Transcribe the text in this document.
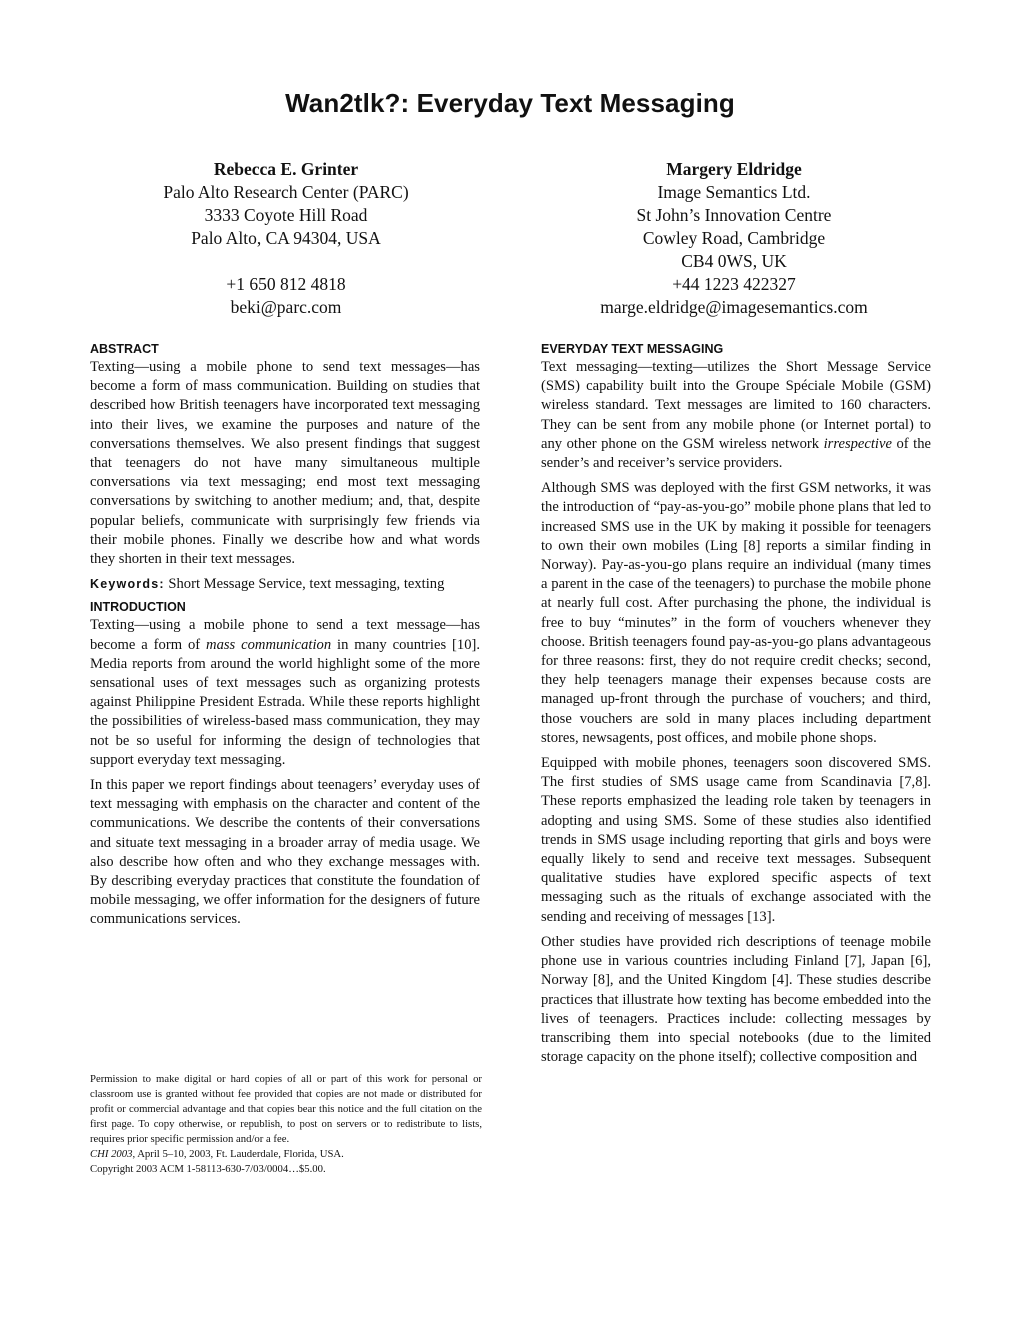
Wan2tlk?: Everyday Text Messaging
Rebecca E. Grinter
Palo Alto Research Center (PARC)
3333 Coyote Hill Road
Palo Alto, CA 94304, USA
+1 650 812 4818
beki@parc.com
Margery Eldridge
Image Semantics Ltd.
St John’s Innovation Centre
Cowley Road, Cambridge
CB4 0WS, UK
+44 1223 422327
marge.eldridge@imagesemantics.com
ABSTRACT

Texting—using a mobile phone to send text messages—has become a form of mass communication. Building on studies that described how British teenagers have incorporated text messaging into their lives, we examine the purposes and nature of the conversations themselves. We also present findings that suggest that teenagers do not have many simultaneous multiple conversations via text messaging; end most text messaging conversations by switching to another medium; and, that, despite popular beliefs, communicate with surprisingly few friends via their mobile phones. Finally we describe how and what words they shorten in their text messages.

Keywords: Short Message Service, text messaging, texting

INTRODUCTION

Texting—using a mobile phone to send a text message—has become a form of mass communication in many countries [10]. Media reports from around the world highlight some of the more sensational uses of text messages such as organizing protests against Philippine President Estrada. While these reports highlight the possibilities of wireless-based mass communication, they may not be so useful for informing the design of technologies that support everyday text messaging.

In this paper we report findings about teenagers’ everyday uses of text messaging with emphasis on the character and content of the communications. We describe the contents of their conversations and situate text messaging in a broader array of media usage. We also describe how often and who they exchange messages with. By describing everyday practices that constitute the foundation of mobile messaging, we offer information for the designers of future communications services.

Permission to make digital or hard copies of all or part of this work for personal or classroom use is granted without fee provided that copies are not made or distributed for profit or commercial advantage and that copies bear this notice and the full citation on the first page. To copy otherwise, or republish, to post on servers or to redistribute to lists, requires prior specific permission and/or a fee.

CHI 2003, April 5–10, 2003, Ft. Lauderdale, Florida, USA.

Copyright 2003 ACM 1-58113-630-7/03/0004…$5.00.

EVERYDAY TEXT MESSAGING

Text messaging—texting—utilizes the Short Message Service (SMS) capability built into the Groupe Spéciale Mobile (GSM) wireless standard. Text messages are limited to 160 characters. They can be sent from any mobile phone (or Internet portal) to any other phone on the GSM wireless network irrespective of the sender’s and receiver’s service providers.

Although SMS was deployed with the first GSM networks, it was the introduction of “pay-as-you-go” mobile phone plans that led to increased SMS use in the UK by making it possible for teenagers to own their own mobiles (Ling [8] reports a similar finding in Norway). Pay-as-you-go plans require an individual (many times a parent in the case of the teenagers) to purchase the mobile phone at nearly full cost. After purchasing the phone, the individual is free to buy “minutes” in the form of vouchers whenever they choose. British teenagers found pay-as-you-go plans advantageous for three reasons: first, they do not require credit checks; second, they help teenagers manage their expenses because costs are managed up-front through the purchase of vouchers; and third, those vouchers are sold in many places including department stores, newsagents, post offices, and mobile phone shops.

Equipped with mobile phones, teenagers soon discovered SMS. The first studies of SMS usage came from Scandinavia [7,8]. These reports emphasized the leading role taken by teenagers in adopting and using SMS. Some of these studies also identified trends in SMS usage including reporting that girls and boys were equally likely to send and receive text messages. Subsequent qualitative studies have explored specific aspects of text messaging such as the rituals of exchange associated with the sending and receiving of messages [13].

Other studies have provided rich descriptions of teenage mobile phone use in various countries including Finland [7], Japan [6], Norway [8], and the United Kingdom [4]. These studies describe practices that illustrate how texting has become embedded into the lives of teenagers. Practices include: collecting messages by transcribing them into special notebooks (due to the limited storage capacity on the phone itself); collective composition and
